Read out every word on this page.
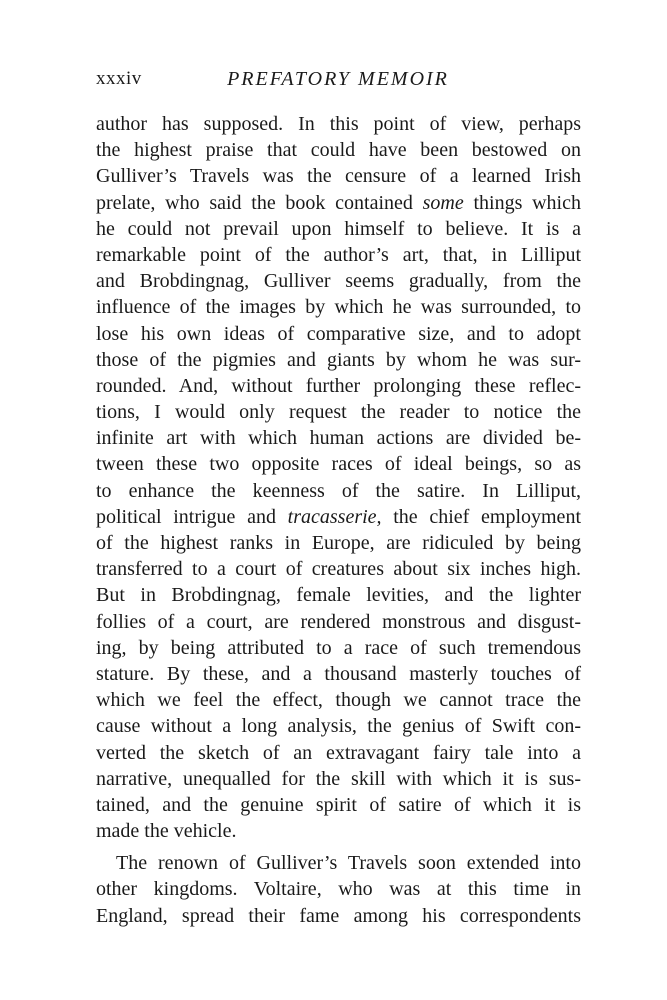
xxxiv	PREFATORY MEMOIR
author has supposed. In this point of view, perhaps
the highest praise that could have been bestowed on
Gulliver’s Travels was the censure of a learned Irish
prelate, who said the book contained some things which
he could not prevail upon himself to believe. It is a
remarkable point of the author’s art, that, in Lilliput
and Brobdingnag, Gulliver seems gradually, from the
influence of the images by which he was surrounded, to
lose his own ideas of comparative size, and to adopt
those of the pigmies and giants by whom he was sur-
rounded. And, without further prolonging these reflec-
tions, I would only request the reader to notice the
infinite art with which human actions are divided be-
tween these two opposite races of ideal beings, so as
to enhance the keenness of the satire. In Lilliput,
political intrigue and tracasserie, the chief employment
of the highest ranks in Europe, are ridiculed by being
transferred to a court of creatures about six inches high.
But in Brobdingnag, female levities, and the lighter
follies of a court, are rendered monstrous and disgust-
ing, by being attributed to a race of such tremendous
stature. By these, and a thousand masterly touches of
which we feel the effect, though we cannot trace the
cause without a long analysis, the genius of Swift con-
verted the sketch of an extravagant fairy tale into a
narrative, unequalled for the skill with which it is sus-
tained, and the genuine spirit of satire of which it is
made the vehicle.
The renown of Gulliver’s Travels soon extended into
other kingdoms. Voltaire, who was at this time in
England, spread their fame among his correspondents
